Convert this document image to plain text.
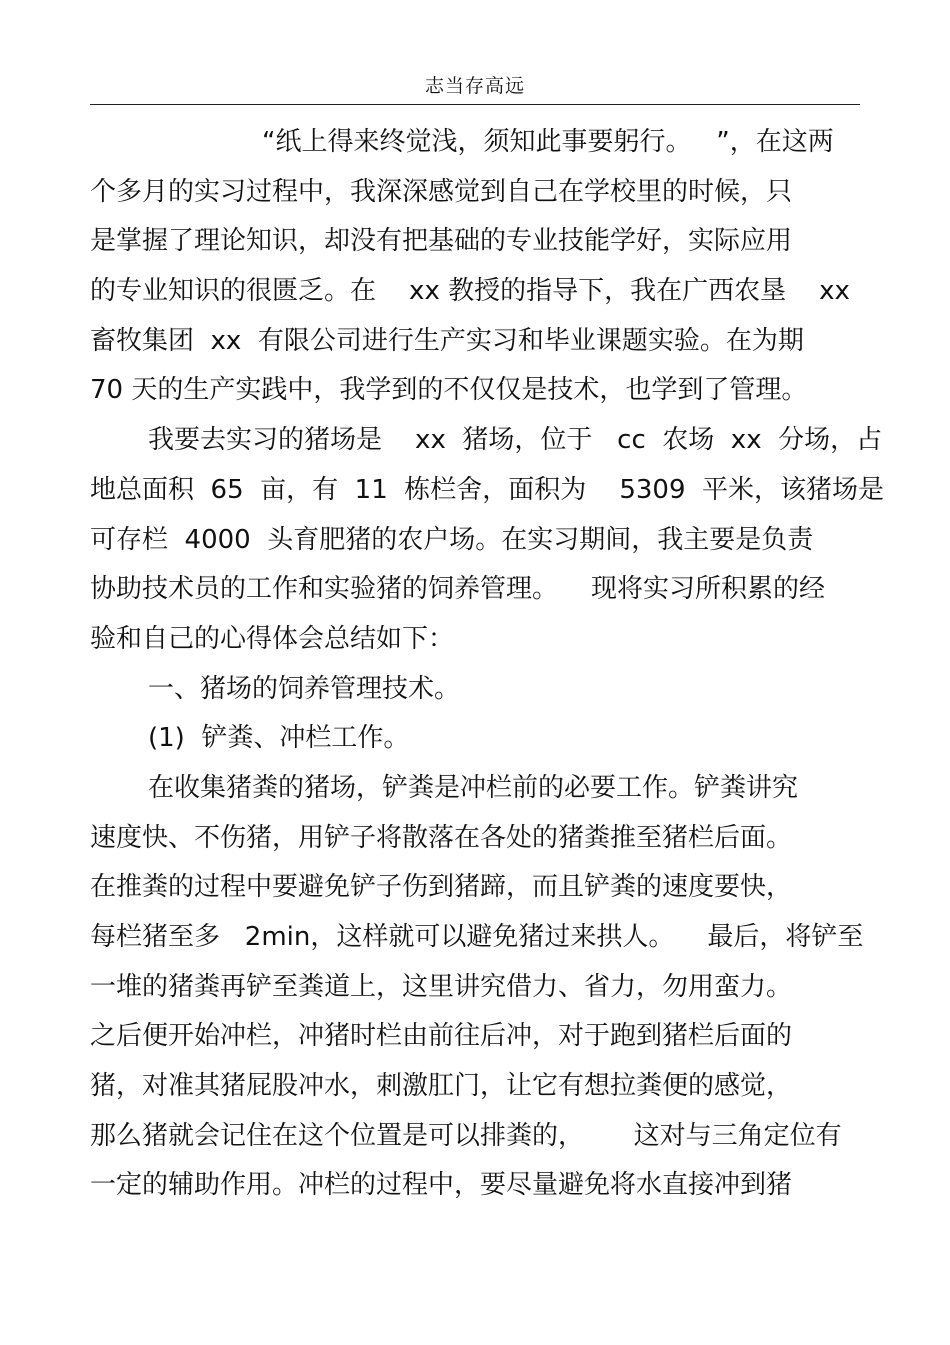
志当存高远
“纸上得来终觉浅，须知此事要躬行。   ”，在这两
个多月的实习过程中，我深深感觉到自己在学校里的时候，只
是掌握了理论知识，却没有把基础的专业技能学好，实际应用
的专业知识的很匮乏。在    xx 教授的指导下，我在广西农垦    xx
畜牧集团  xx  有限公司进行生产实习和毕业课题实验。在为期
70 天的生产实践中，我学到的不仅仅是技术，也学到了管理。
我要去实习的猪场是    xx  猪场，位于   cc  农场  xx  分场，占
地总面积  65  亩，有  11  栋栏舍，面积为    5309  平米，该猪场是
可存栏  4000  头育肥猪的农户场。在实习期间，我主要是负责
协助技术员的工作和实验猪的饲养管理。    现将实习所积累的经
验和自己的心得体会总结如下：
一、猪场的饲养管理技术。
(1)  铲粪、冲栏工作。
在收集猪粪的猪场，铲粪是冲栏前的必要工作。铲粪讲究
速度快、不伤猪，用铲子将散落在各处的猪粪推至猪栏后面。
在推粪的过程中要避免铲子伤到猪蹄，而且铲粪的速度要快，
每栏猪至多   2min，这样就可以避免猪过来拱人。    最后，将铲至
一堆的猪粪再铲至粪道上，这里讲究借力、省力，勿用蛮力。
之后便开始冲栏，冲猪时栏由前往后冲，对于跑到猪栏后面的
猪，对准其猪屁股冲水，刺激肛门，让它有想拉粪便的感觉，
那么猪就会记住在这个位置是可以排粪的，      这对与三角定位有
一定的辅助作用。冲栏的过程中，要尽量避免将水直接冲到猪
